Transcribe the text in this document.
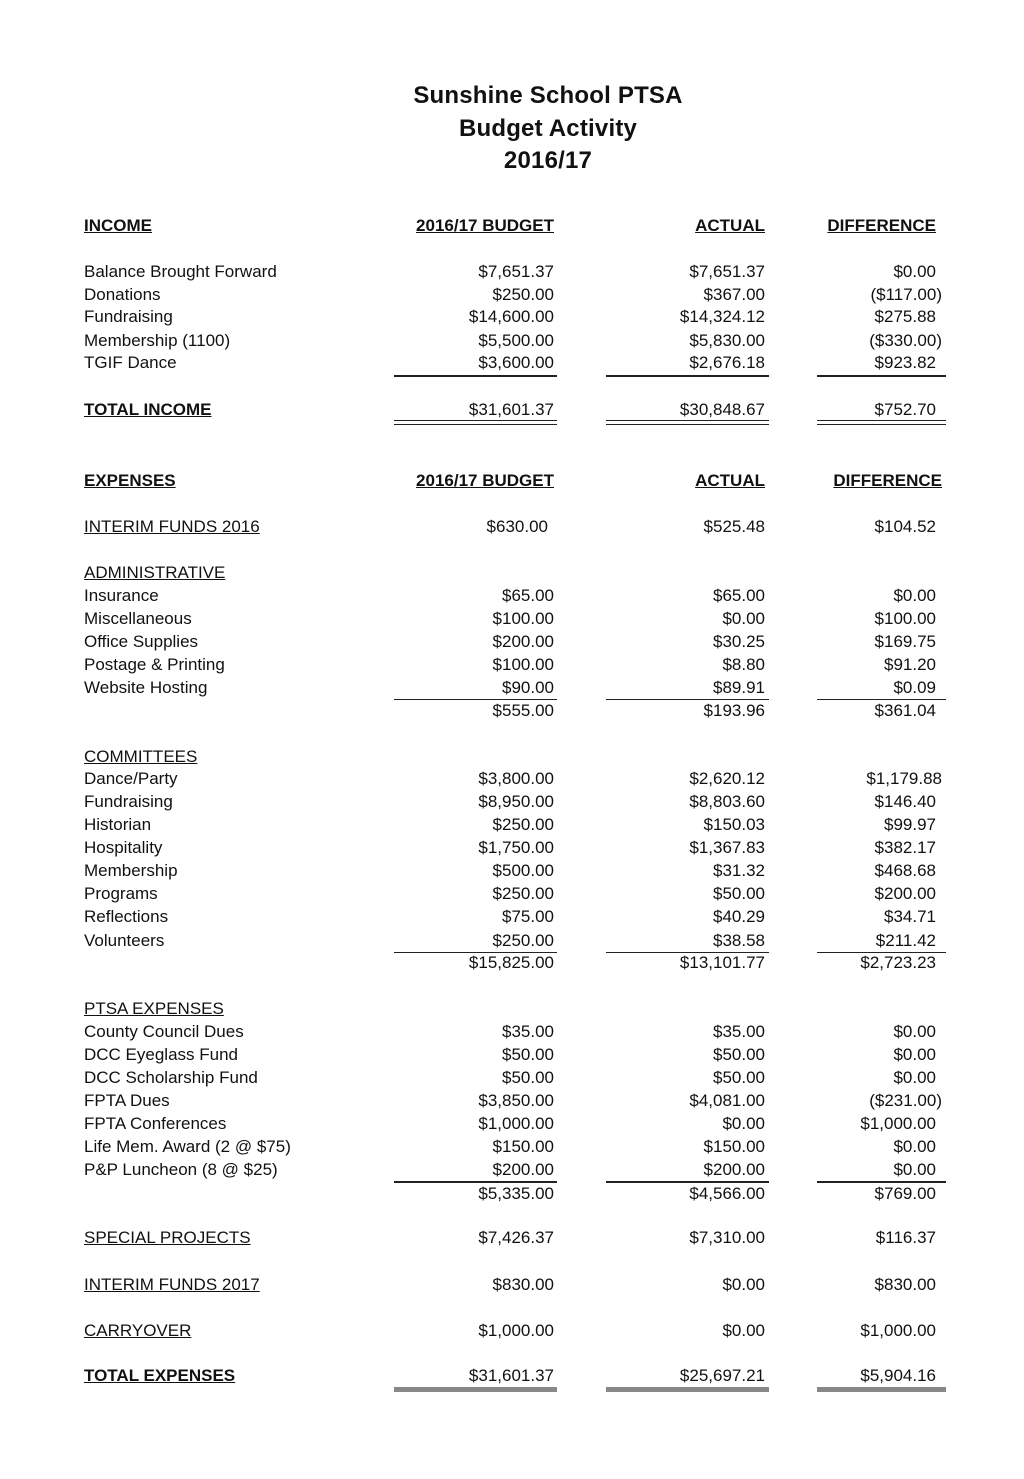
Sunshine School PTSA
Budget Activity
2016/17
INCOME	2016/17 BUDGET	ACTUAL	DIFFERENCE
Balance Brought Forward	$7,651.37	$7,651.37	$0.00
Donations	$250.00	$367.00	($117.00)
Fundraising	$14,600.00	$14,324.12	$275.88
Membership (1100)	$5,500.00	$5,830.00	($330.00)
TGIF Dance	$3,600.00	$2,676.18	$923.82
TOTAL INCOME	$31,601.37	$30,848.67	$752.70
EXPENSES	2016/17 BUDGET	ACTUAL	DIFFERENCE
INTERIM FUNDS 2016	$630.00	$525.48	$104.52
ADMINISTRATIVE
Insurance	$65.00	$65.00	$0.00
Miscellaneous	$100.00	$0.00	$100.00
Office Supplies	$200.00	$30.25	$169.75
Postage & Printing	$100.00	$8.80	$91.20
Website Hosting	$90.00	$89.91	$0.09
$555.00	$193.96	$361.04
COMMITTEES
Dance/Party	$3,800.00	$2,620.12	$1,179.88
Fundraising	$8,950.00	$8,803.60	$146.40
Historian	$250.00	$150.03	$99.97
Hospitality	$1,750.00	$1,367.83	$382.17
Membership	$500.00	$31.32	$468.68
Programs	$250.00	$50.00	$200.00
Reflections	$75.00	$40.29	$34.71
Volunteers	$250.00	$38.58	$211.42
$15,825.00	$13,101.77	$2,723.23
PTSA EXPENSES
County Council Dues	$35.00	$35.00	$0.00
DCC Eyeglass Fund	$50.00	$50.00	$0.00
DCC Scholarship Fund	$50.00	$50.00	$0.00
FPTA Dues	$3,850.00	$4,081.00	($231.00)
FPTA Conferences	$1,000.00	$0.00	$1,000.00
Life Mem. Award (2 @ $75)	$150.00	$150.00	$0.00
P&P Luncheon (8 @ $25)	$200.00	$200.00	$0.00
$5,335.00	$4,566.00	$769.00
SPECIAL PROJECTS	$7,426.37	$7,310.00	$116.37
INTERIM FUNDS 2017	$830.00	$0.00	$830.00
CARRYOVER	$1,000.00	$0.00	$1,000.00
TOTAL EXPENSES	$31,601.37	$25,697.21	$5,904.16
